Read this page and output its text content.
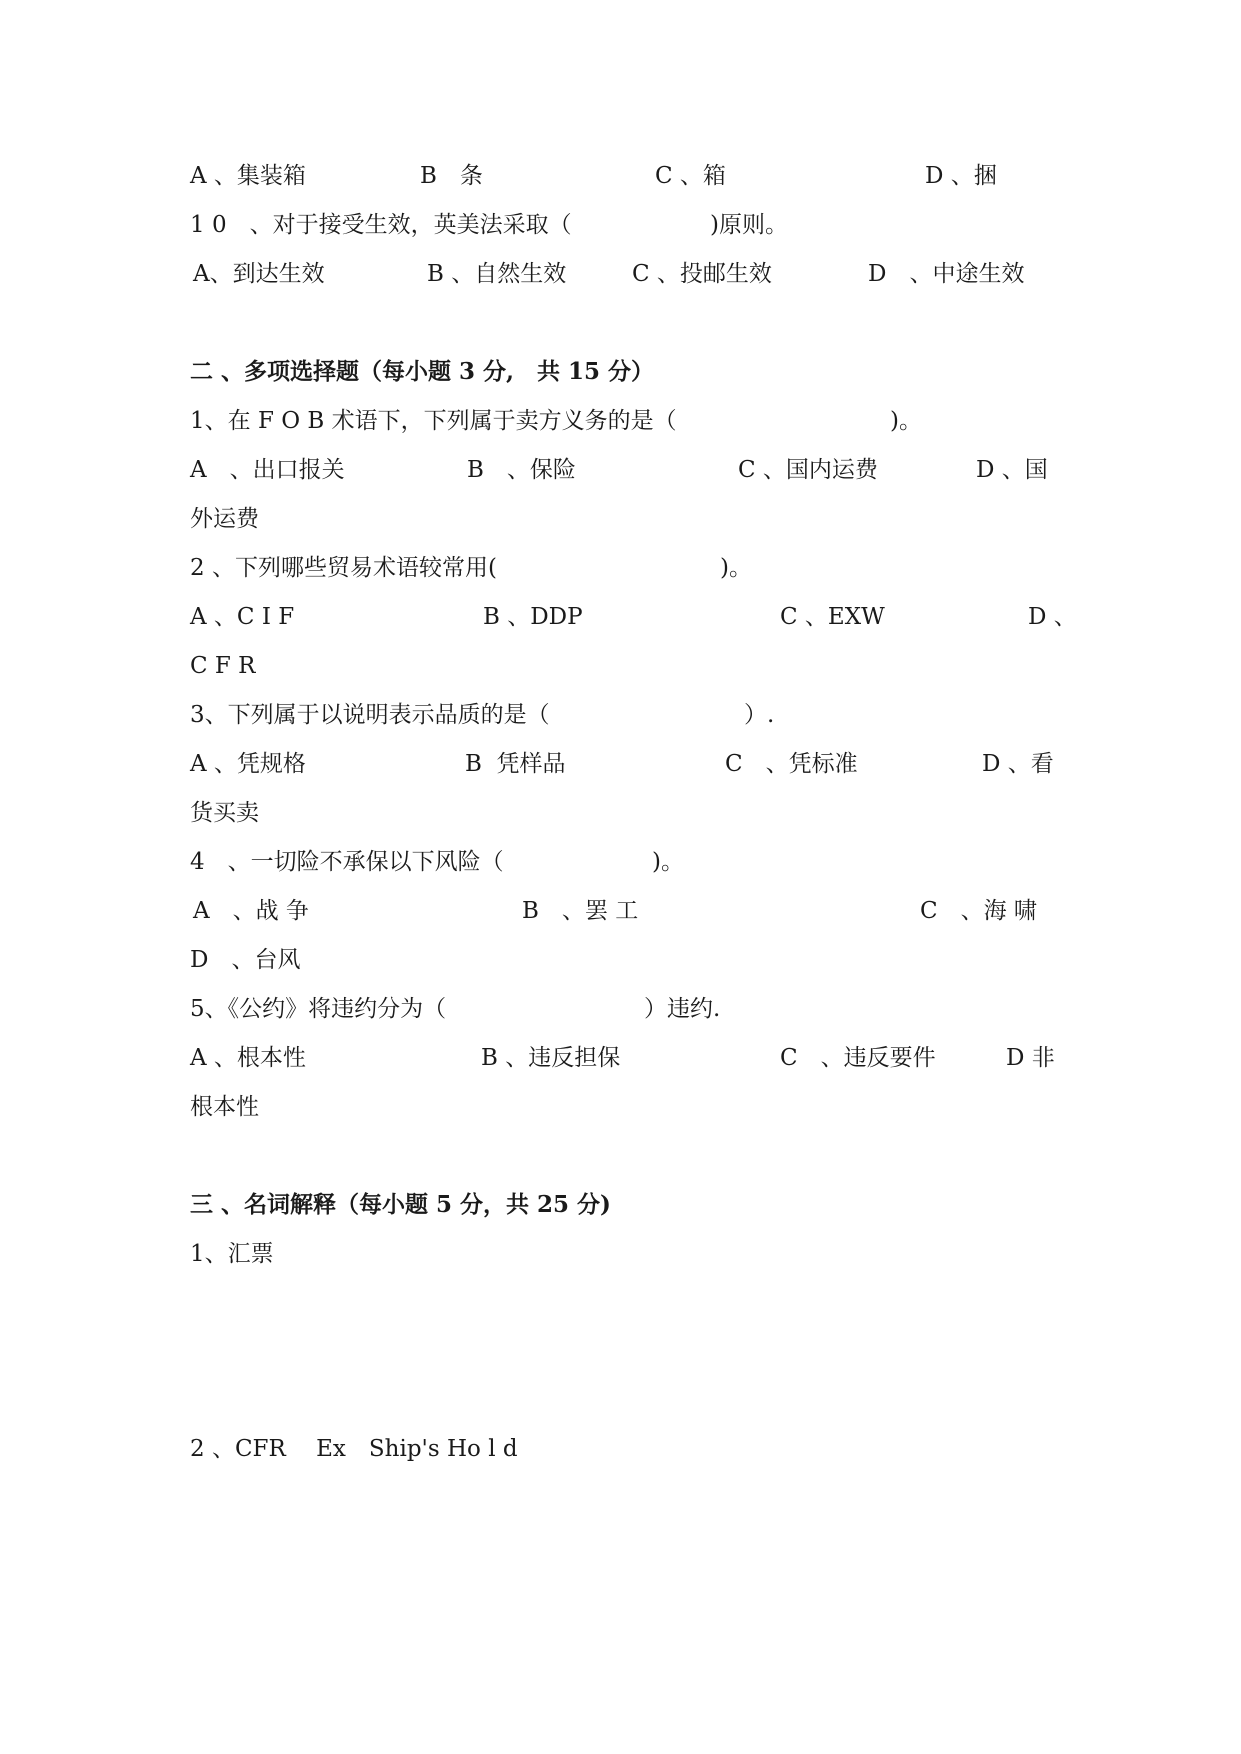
A 、集装箱	B　条	C 、箱	D 、捆
1 0　、对于接受生效，英美法采取（	)原则。
A、到达生效	B 、自然生效	C 、投邮生效	D　、中途生效
二 、多项选择题（每小题 3 分,　共 15 分）
1、在 F O B 术语下，下列属于卖方义务的是（	)。
A　、出口报关	B　、保险	C 、国内运费	D 、国
外运费
2 、下列哪些贸易术语较常用(	)。
A 、C I F	B 、DDP	C 、EXW	D 、
C F R
3、下列属于以说明表示品质的是（	）.
A 、凭规格	B  凭样品	C　、凭标准	D 、看
货买卖
4　、一切险不承保以下风险（	)。
A　、战 争	B　、罢 工	C　、海 啸
D　、台风
5、《公约》将违约分为（	）违约.
A 、根本性	B 、违反担保	C　、违反要件	D 非
根本性
三 、名词解释（每小题 5 分，共 25 分)
1、汇票
2 、CFR　 Ex　Ship's Ho l d
